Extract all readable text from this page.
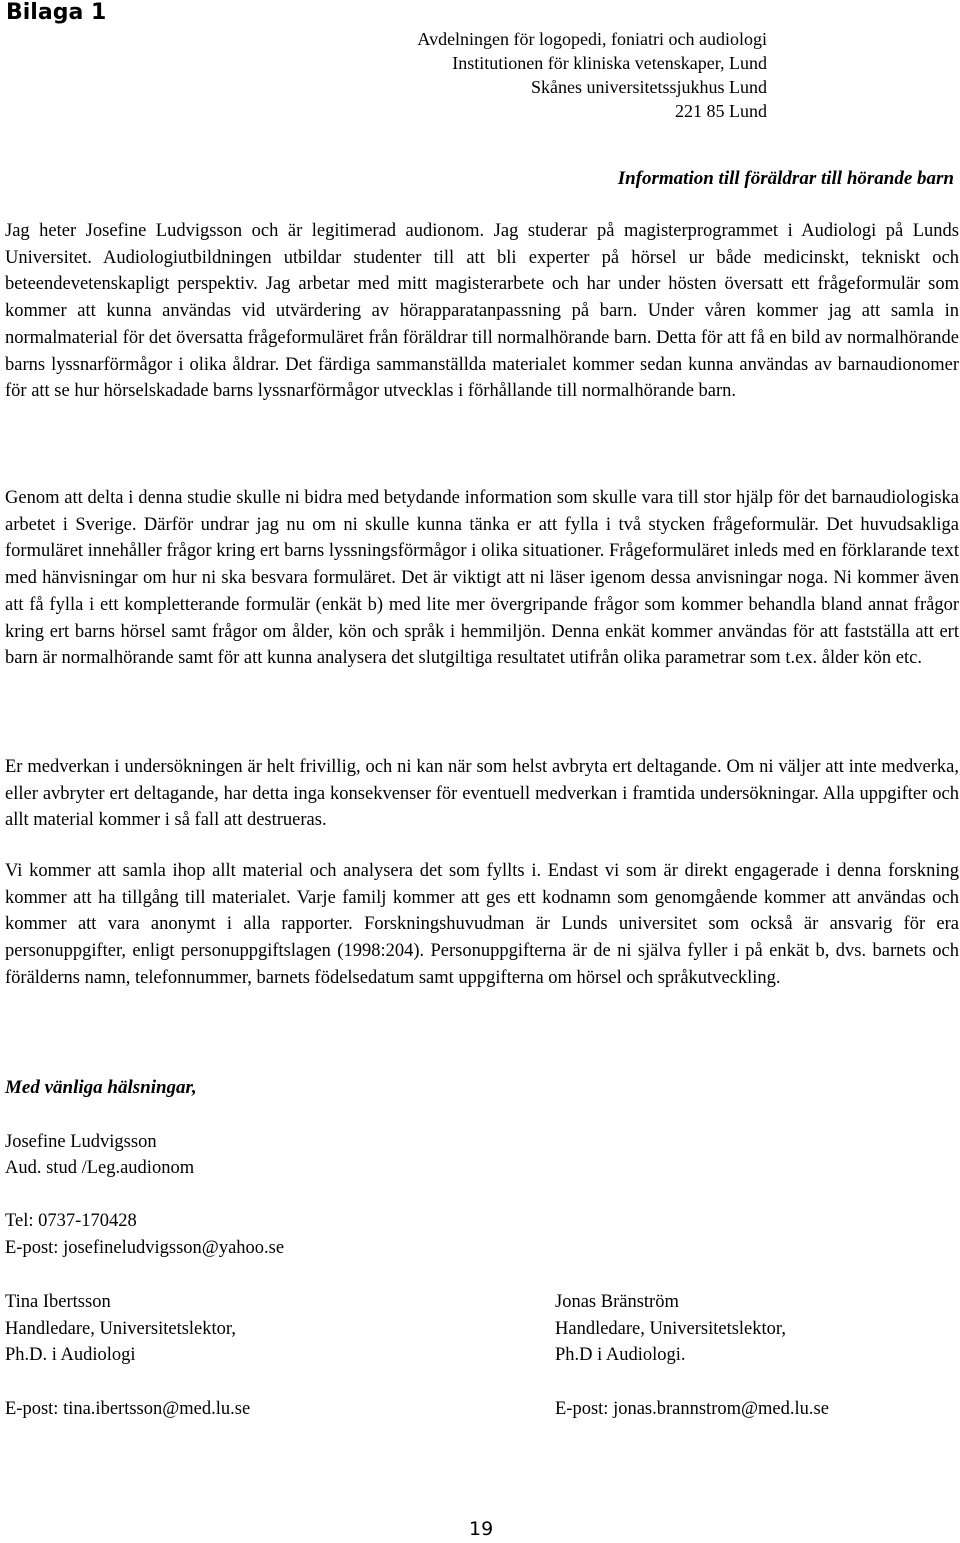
Bilaga 1
Avdelningen för logopedi, foniatri och audiologi
Institutionen för kliniska vetenskaper, Lund
Skånes universitetssjukhus Lund
221 85 Lund
Information till föräldrar till hörande barn

Jag heter Josefine Ludvigsson och är legitimerad audionom. Jag studerar på magisterprogrammet i Audiologi på Lunds Universitet. Audiologiutbildningen utbildar studenter till att bli experter på hörsel ur både medicinskt, tekniskt och beteendevetenskapligt perspektiv. Jag arbetar med mitt magisterarbete och har under hösten översatt ett frågeformulär som kommer att kunna användas vid utvärdering av hörapparatanpassning på barn. Under våren kommer jag att samla in normalmaterial för det översatta frågeformuläret från föräldrar till normalhörande barn. Detta för att få en bild av normalhörande barns lyssnarförmågor i olika åldrar. Det färdiga sammanställda materialet kommer sedan kunna användas av barnaudionomer för att se hur hörselskadade barns lyssnarförmågor utvecklas i förhållande till normalhörande barn.

Genom att delta i denna studie skulle ni bidra med betydande information som skulle vara till stor hjälp för det barnaudiologiska arbetet i Sverige. Därför undrar jag nu om ni skulle kunna tänka er att fylla i två stycken frågeformulär. Det huvudsakliga formuläret innehåller frågor kring ert barns lyssningsförmågor i olika situationer. Frågeformuläret inleds med en förklarande text med hänvisningar om hur ni ska besvara formuläret. Det är viktigt att ni läser igenom dessa anvisningar noga. Ni kommer även att få fylla i ett kompletterande formulär (enkät b) med lite mer övergripande frågor som kommer behandla bland annat frågor kring ert barns hörsel samt frågor om ålder, kön och språk i hemmiljön. Denna enkät kommer användas för att fastställa att ert barn är normalhörande samt för att kunna analysera det slutgiltiga resultatet utifrån olika parametrar som t.ex. ålder kön etc.

Er medverkan i undersökningen är helt frivillig, och ni kan när som helst avbryta ert deltagande. Om ni väljer att inte medverka, eller avbryter ert deltagande, har detta inga konsekvenser för eventuell medverkan i framtida undersökningar. Alla uppgifter och allt material kommer i så fall att destrueras.

Vi kommer att samla ihop allt material och analysera det som fyllts i. Endast vi som är direkt engagerade i denna forskning kommer att ha tillgång till materialet. Varje familj kommer att ges ett kodnamn som genomgående kommer att användas och kommer att vara anonymt i alla rapporter. Forskningshuvudman är Lunds universitet som också är ansvarig för era personuppgifter, enligt personuppgiftslagen (1998:204). Personuppgifterna är de ni själva fyller i på enkät b, dvs. barnets och förälderns namn, telefonnummer, barnets födelsedatum samt uppgifterna om hörsel och språkutveckling.

Med vänliga hälsningar,
Josefine Ludvigsson
Aud. stud /Leg.audionom
Tel: 0737-170428
E-post: josefineludvigsson@yahoo.se
Tina Ibertsson
Handledare, Universitetslektor,
Ph.D. i Audiologi
E-post: tina.ibertsson@med.lu.se
Jonas Bränström
Handledare, Universitetslektor,
Ph.D i Audiologi.
E-post: jonas.brannstrom@med.lu.se
19
